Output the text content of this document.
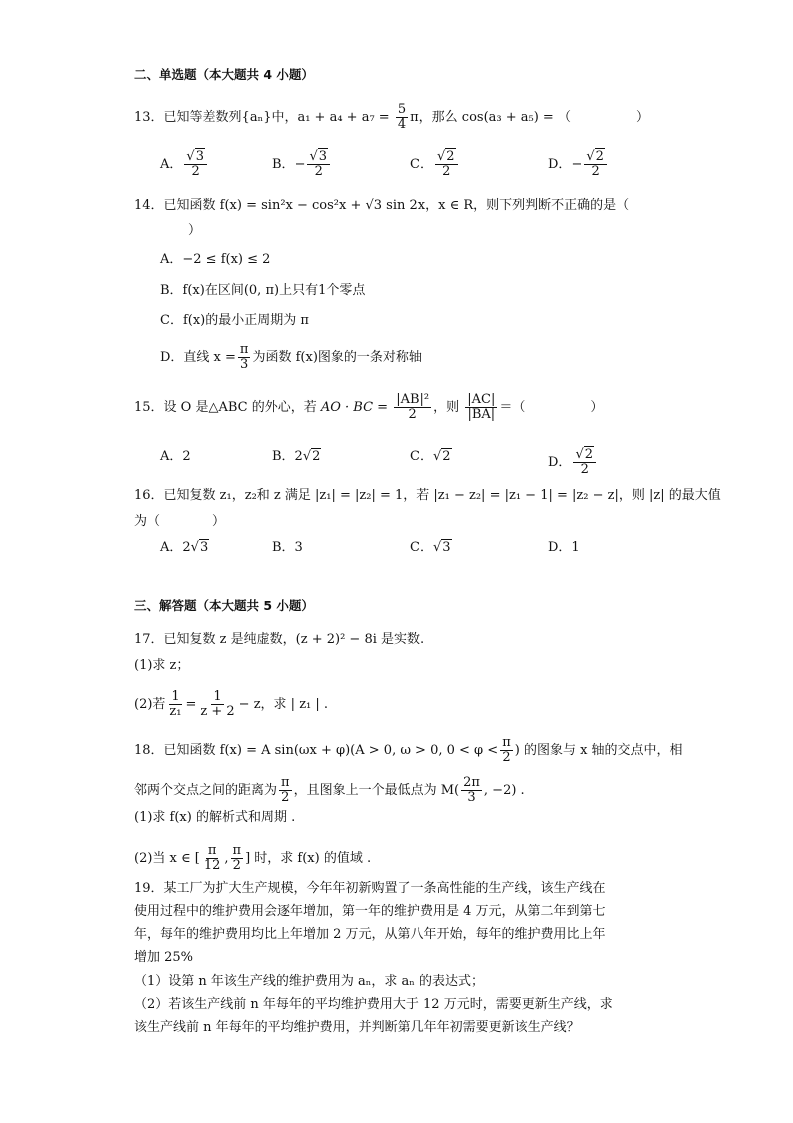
二、单选题（本大题共 4 小题）
13．已知等差数列{aₙ}中，$a_1 + a_4 + a_7 = \frac{5}{4}$ π，那么 cos(a₃ + a₅) = （　　　　　）
A． $\frac{√3}{2}$	B．− $\frac{√3}{2}$	C． $\frac{√2}{2}$	D．− $\frac{√2}{2}$
14．已知函数 f(x) = sin²x − cos²x + √3 sin 2x，x ∈ R，则下列判断不正确的是（
）
A．−2 ≤ f(x) ≤ 2
B．f(x)在区间(0, π)上只有1个零点
C．f(x)的最小正周期为 π
D．直线 $x = \frac{\pi}{3}$ 为函数 f(x)图象的一条对称轴
15．设 O 是△ABC 的外心，若 AO · BC = $\frac{\text{|AB|²}}{2}$ ，则 $\frac{|AC|}{|BA|}$ ＝（　　　　　）
A．2	B．2√2	C．√2	D． $\frac{√2}{2}$
16．已知复数 z₁，z₂和 z 满足 |z₁| = |z₂| = 1，若 |z₁ − z₂| = |z₁ − 1| = |z₂ − z|，则 |z| 的最大值
为（　　　　）
A．2√3	B．3	C．√3	D．1
三、解答题（本大题共 5 小题）
17．已知复数 z 是纯虚数，(z + 2)² − 8i 是实数.
(1)求 z；
(2)若 $\frac{1}{\text{z₁}} = \frac{1}{z + 2} - z$，求 | z₁ | .
18．已知函数 f(x) = A sin(ωx + φ)(A > 0, ω > 0, $0 < \varphi < \frac{\pi}{2}$ ) 的图象与 x 轴的交点中，相
邻两个交点之间的距离为 $\frac{\pi}{2}$ ，且图象上一个最低点为 $M( \frac{2\pi}{3}$ , −2) .
(1)求 f(x) 的解析式和周期 .
(2)当 x ∈ [ $\frac{\pi}{12}$ , $\frac{\pi}{2}$ ] 时，求 f(x) 的值域 .
19．某工厂为扩大生产规模，今年年初新购置了一条高性能的生产线，该生产线在
使用过程中的维护费用会逐年增加，第一年的维护费用是 4 万元，从第二年到第七
年，每年的维护费用均比上年增加 2 万元，从第八年开始，每年的维护费用比上年
增加 25%
（1）设第 n 年该生产线的维护费用为 aₙ，求 aₙ 的表达式；
（2）若该生产线前 n 年每年的平均维护费用大于 12 万元时，需要更新生产线，求
该生产线前 n 年每年的平均维护费用，并判断第几年年初需要更新该生产线？
